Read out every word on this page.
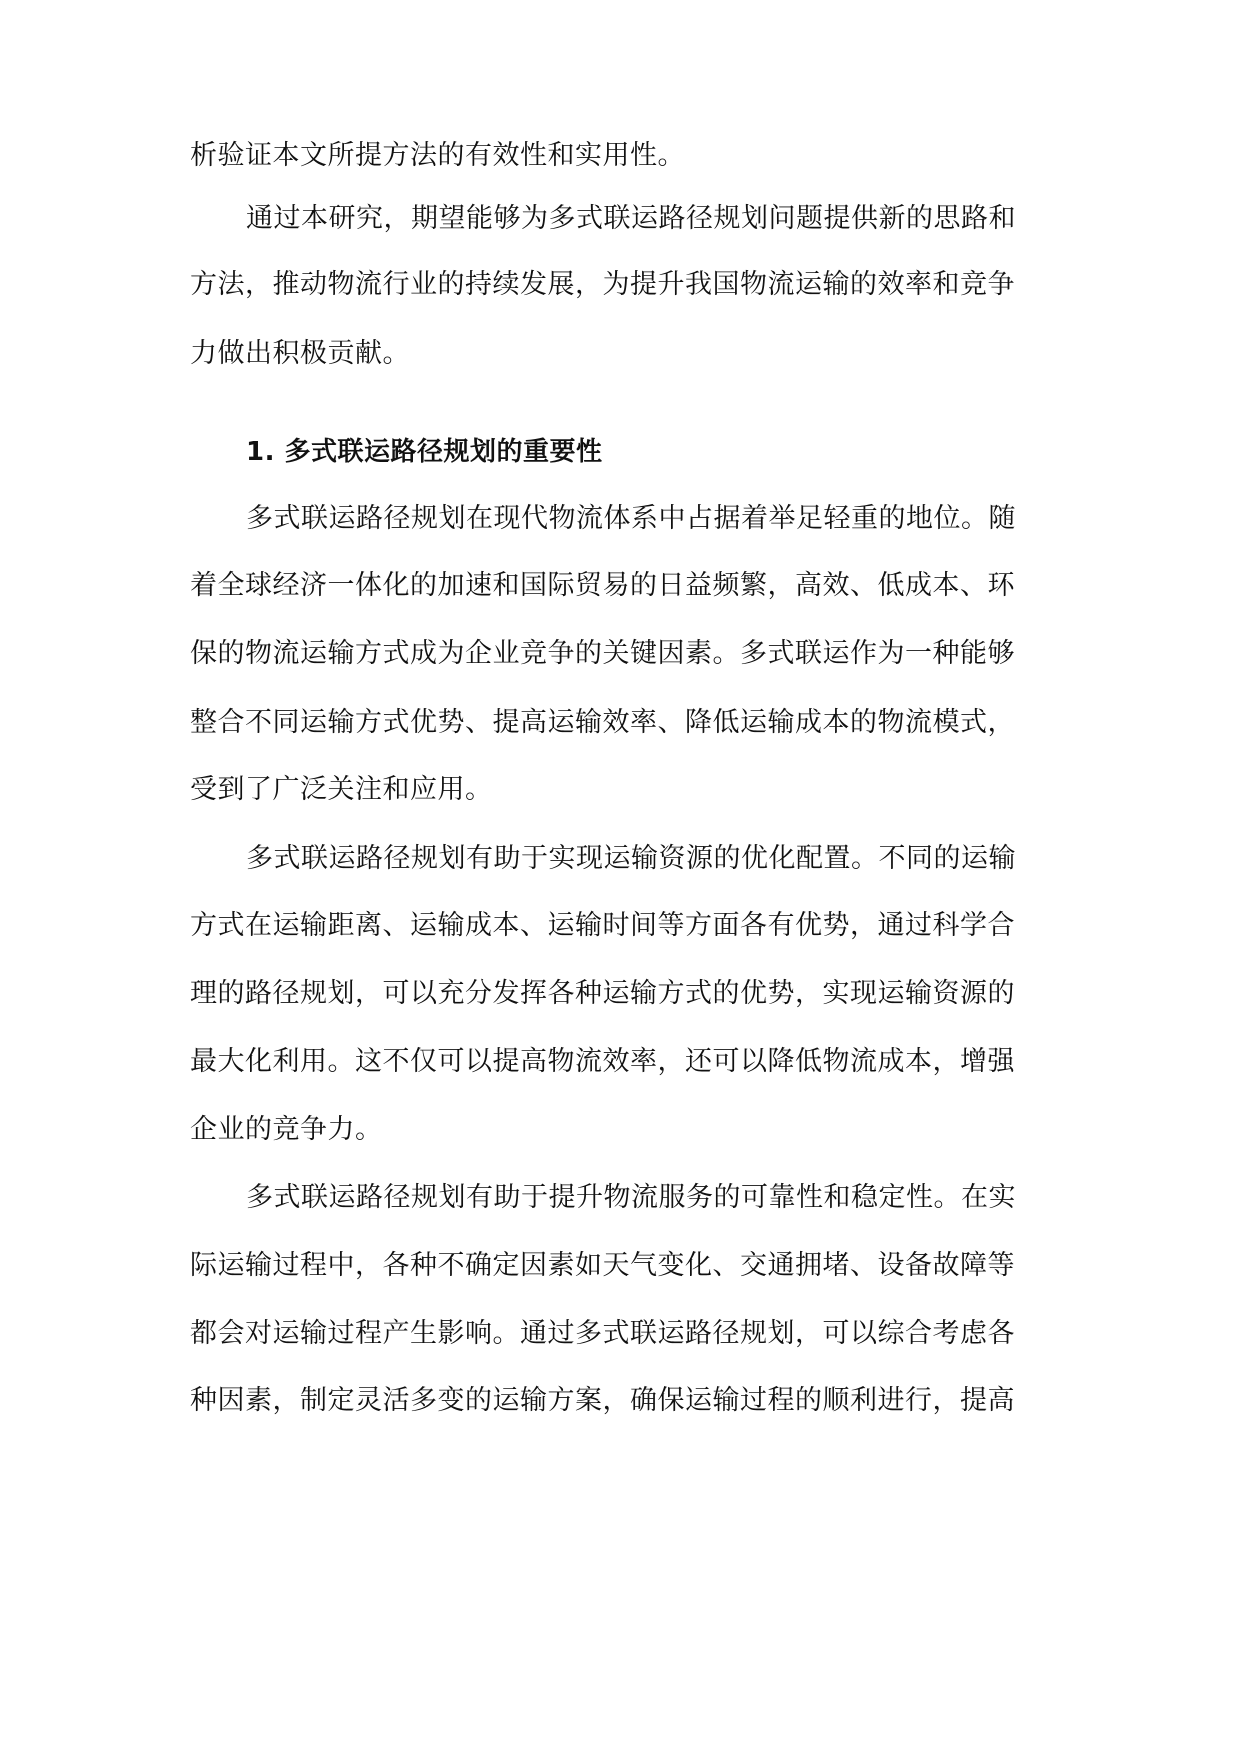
析验证本文所提方法的有效性和实用性。
通过本研究，期望能够为多式联运路径规划问题提供新的思路和
方法，推动物流行业的持续发展，为提升我国物流运输的效率和竞争
力做出积极贡献。
1. 多式联运路径规划的重要性
多式联运路径规划在现代物流体系中占据着举足轻重的地位。随
着全球经济一体化的加速和国际贸易的日益频繁，高效、低成本、环
保的物流运输方式成为企业竞争的关键因素。多式联运作为一种能够
整合不同运输方式优势、提高运输效率、降低运输成本的物流模式，
受到了广泛关注和应用。
多式联运路径规划有助于实现运输资源的优化配置。不同的运输
方式在运输距离、运输成本、运输时间等方面各有优势，通过科学合
理的路径规划，可以充分发挥各种运输方式的优势，实现运输资源的
最大化利用。这不仅可以提高物流效率，还可以降低物流成本，增强
企业的竞争力。
多式联运路径规划有助于提升物流服务的可靠性和稳定性。在实
际运输过程中，各种不确定因素如天气变化、交通拥堵、设备故障等
都会对运输过程产生影响。通过多式联运路径规划，可以综合考虑各
种因素，制定灵活多变的运输方案，确保运输过程的顺利进行，提高
